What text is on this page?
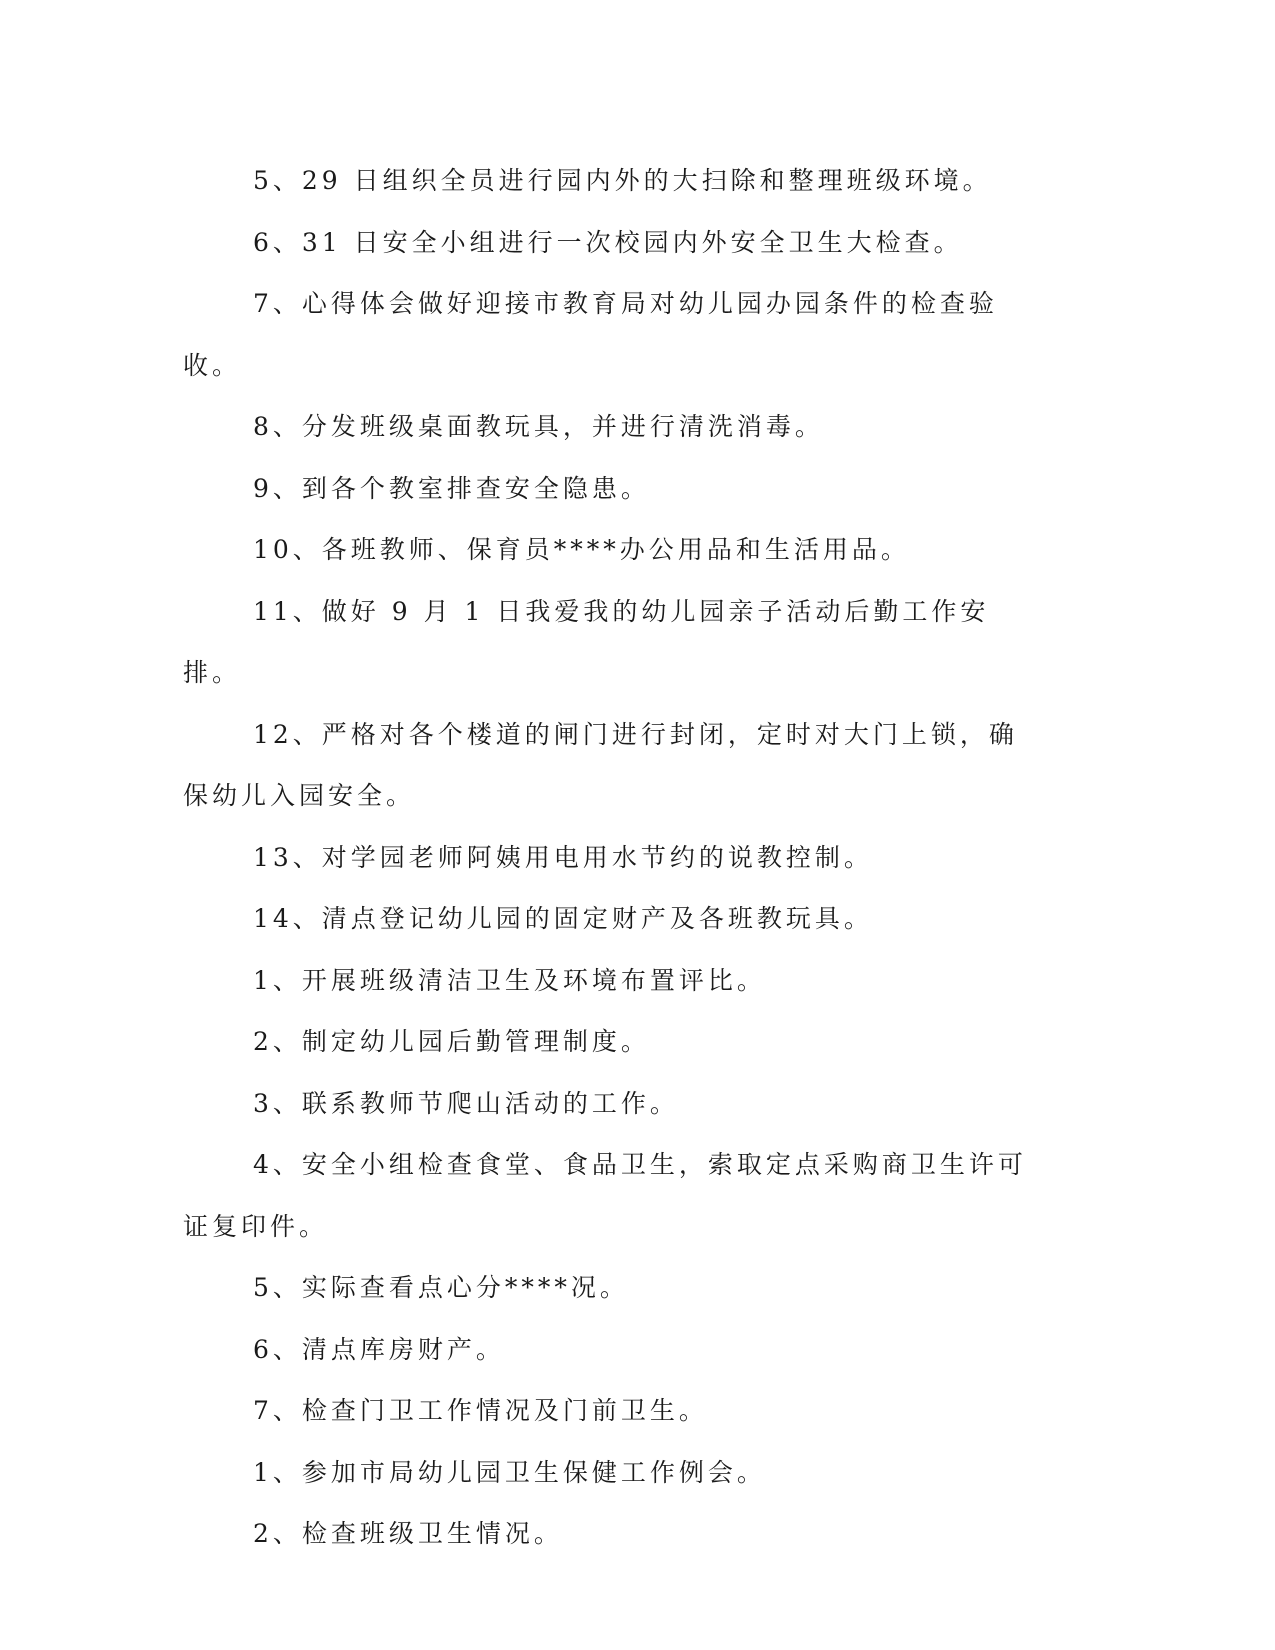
5、29 日组织全员进行园内外的大扫除和整理班级环境。

6、31 日安全小组进行一次校园内外安全卫生大检查。

7、心得体会做好迎接市教育局对幼儿园办园条件的检查验收。

8、分发班级桌面教玩具，并进行清洗消毒。

9、到各个教室排查安全隐患。

10、各班教师、保育员****办公用品和生活用品。

11、做好 9 月 1 日我爱我的幼儿园亲子活动后勤工作安排。

12、严格对各个楼道的闸门进行封闭，定时对大门上锁，确保幼儿入园安全。

13、对学园老师阿姨用电用水节约的说教控制。

14、清点登记幼儿园的固定财产及各班教玩具。

1、开展班级清洁卫生及环境布置评比。

2、制定幼儿园后勤管理制度。

3、联系教师节爬山活动的工作。

4、安全小组检查食堂、食品卫生，索取定点采购商卫生许可证复印件。

5、实际查看点心分****况。

6、清点库房财产。

7、检查门卫工作情况及门前卫生。

1、参加市局幼儿园卫生保健工作例会。

2、检查班级卫生情况。
